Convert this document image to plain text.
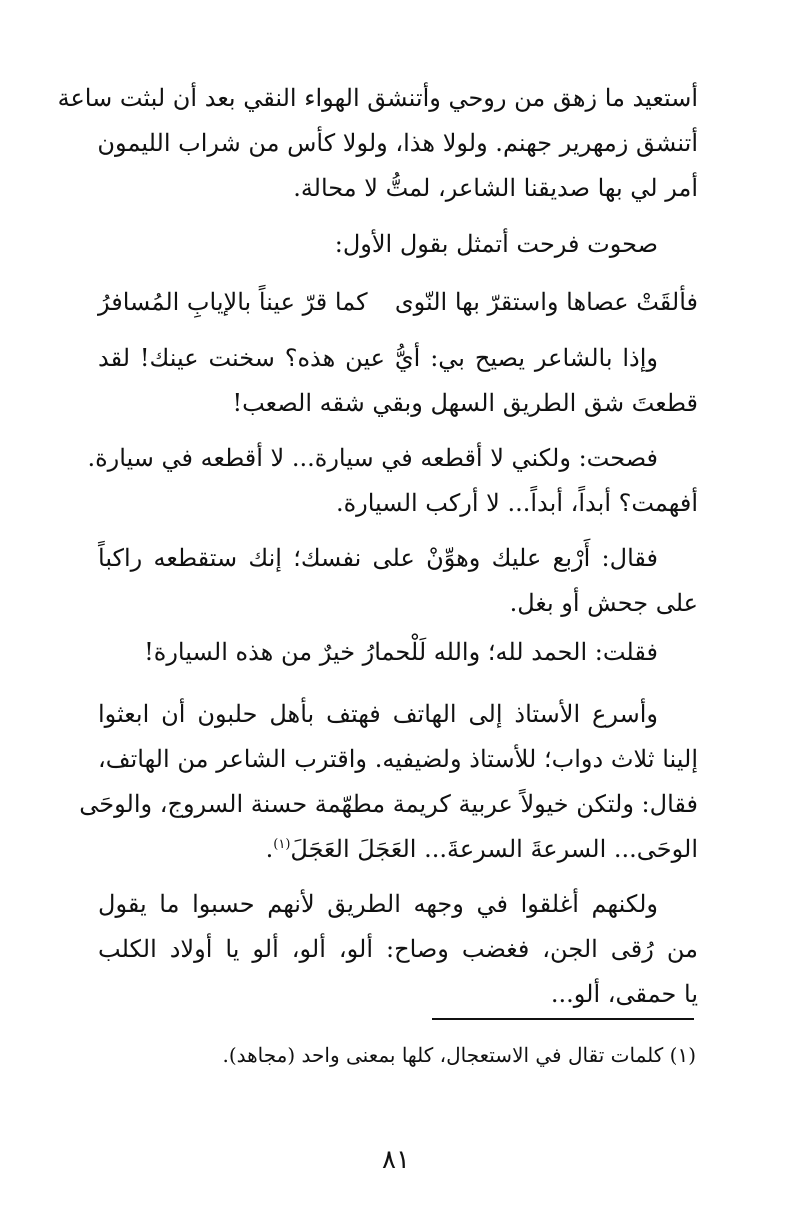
أستعيد ما زهق من روحي وأتنشق الهواء النقي بعد أن لبثت ساعة
أتنشق زمهرير جهنم. ولولا هذا، ولولا كأس من شراب الليمون
أمر لي بها صديقنا الشاعر، لمتُّ لا محالة.
صحوت فرحت أتمثل بقول الأول:
فألقَتْ عصاها واستقرّ بها النّوى
كما قرّ عيناً بالإيابِ المُسافرُ
وإذا بالشاعر يصيح بي: أيُّ عين هذه؟ سخنت عينك! لقد
قطعتَ شق الطريق السهل وبقي شقه الصعب!
فصحت: ولكني لا أقطعه في سيارة... لا أقطعه في سيارة.
أفهمت؟ أبداً، أبداً... لا أركب السيارة.
فقال: أَرْبع عليك وهوِّنْ على نفسك؛ إنك ستقطعه راكباً
على جحش أو بغل.
فقلت: الحمد لله؛ والله لَلْحمارُ خيرٌ من هذه السيارة!
وأسرع الأستاذ إلى الهاتف فهتف بأهل حلبون أن ابعثوا
إلينا ثلاث دواب؛ للأستاذ ولضيفيه. واقترب الشاعر من الهاتف،
فقال: ولتكن خيولاً عربية كريمة مطهّمة حسنة السروج، والوحَى
الوحَى... السرعةَ السرعةَ... العَجَلَ العَجَلَ$^{(١)}$.
ولكنهم أغلقوا في وجهه الطريق لأنهم حسبوا ما يقول
من رُقى الجن، فغضب وصاح: ألو، ألو، ألو يا أولاد الكلب
يا حمقى، ألو...
(١) كلمات تقال في الاستعجال، كلها بمعنى واحد (مجاهد).
٨١
